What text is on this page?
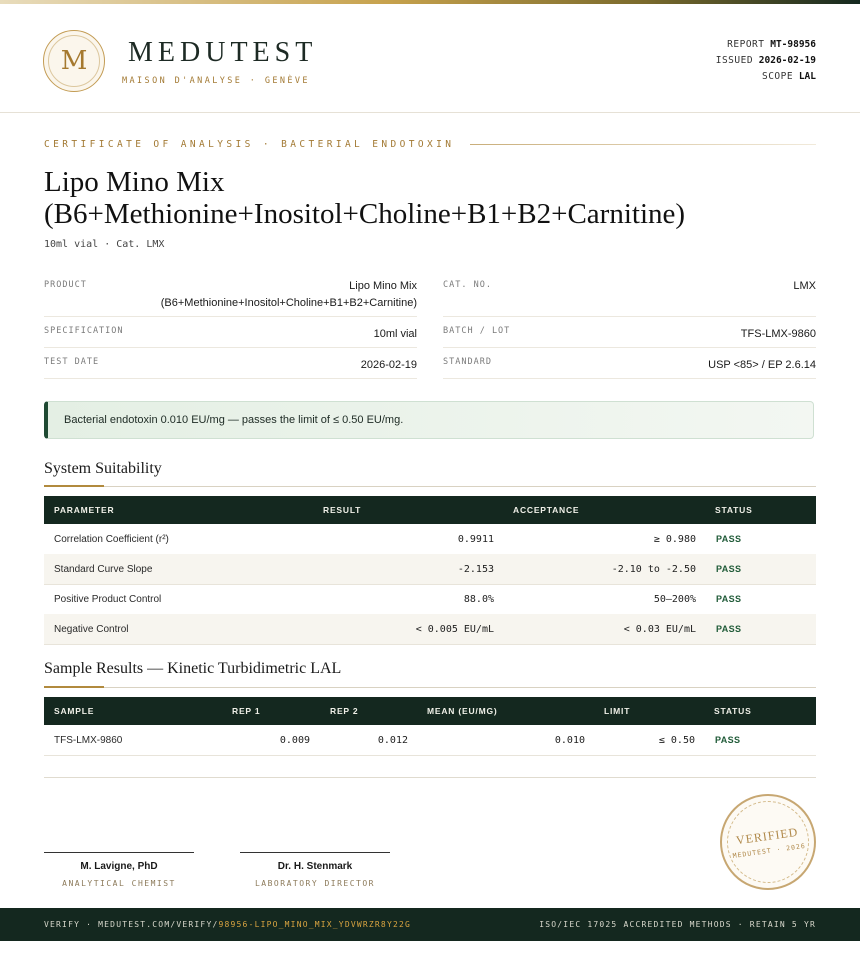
M	MEDUTEST
MAISON D'ANALYSE · GENÈVE
REPORT MT-98956
ISSUED 2026-02-19
SCOPE LAL
CERTIFICATE OF ANALYSIS · BACTERIAL ENDOTOXIN
Lipo Mino Mix
(B6+Methionine+Inositol+Choline+B1+B2+Carnitine)
10ml vial · Cat. LMX
PRODUCT	Lipo Mino Mix
(B6+Methionine+Inositol+Choline+B1+B2+Carnitine)
CAT. NO.	LMX
SPECIFICATION	10ml vial	BATCH / LOT	TFS-LMX-9860
TEST DATE	2026-02-19	STANDARD	USP <85> / EP 2.6.14
Bacterial endotoxin 0.010 EU/mg — passes the limit of ≤ 0.50 EU/mg.
System Suitability
PARAMETER	RESULT	ACCEPTANCE	STATUS
Correlation Coefficient (r²)	0.9911	≥ 0.980 PASS
Standard Curve Slope	-2.153	-2.10 to -2.50 PASS
Positive Product Control	88.0%	50–200% PASS
Negative Control	< 0.005 EU/mL	< 0.03 EU/mL PASS
Sample Results — Kinetic Turbidimetric LAL
SAMPLE	REP 1	REP 2	MEAN (EU/MG)	LIMIT	STATUS
TFS-LMX-9860	0.009	0.012	0.010	≤ 0.50 PASS
M. Lavigne, PhD
ANALYTICAL CHEMIST
Dr. H. Stenmark
LABORATORY DIRECTOR
VERIFIED
MEDUTEST · 2026
VERIFY · MEDUTEST.COM/VERIFY/98956-LIPO_MINO_MIX_YDVWRZR8Y22G	ISO/IEC 17025 ACCREDITED METHODS · RETAIN 5 YR
